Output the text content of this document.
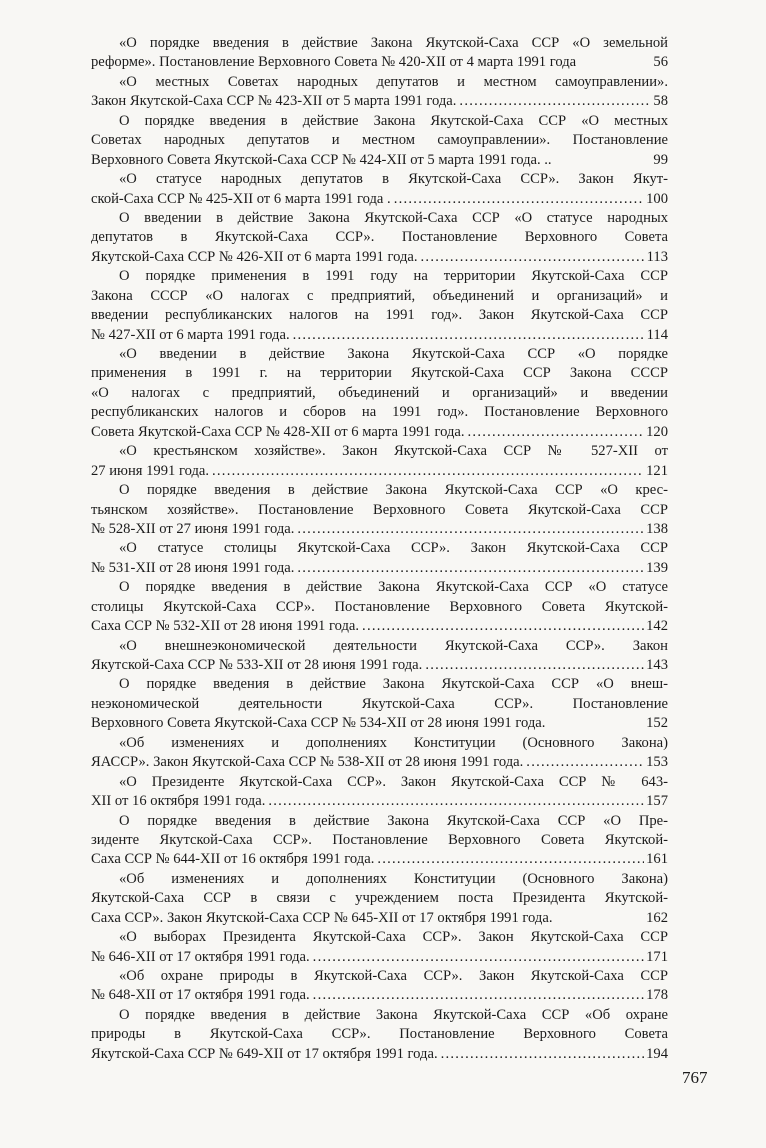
«О порядке введения в действие Закона Якутской-Саха ССР «О земельной
реформе». Постановление Верховного Совета № 420-XII от 4 марта 1991 года	56
«О местных Советах народных депутатов и местном самоуправлении».
Закон Якутской-Саха ССР № 423-XII от 5 марта 1991 года. . . .	58
О порядке введения в действие Закона Якутской-Саха ССР «О местных
Советах народных депутатов и местном самоуправлении». Постановление
Верховного Совета Якутской-Саха ССР № 424-XII от 5 марта 1991 года. ..	99
«О статусе народных депутатов в Якутской-Саха ССР». Закон Якут-
ской-Саха ССР № 425-XII от 6 марта 1991 года . . . .	100
О введении в действие Закона Якутской-Саха ССР «О статусе народных
депутатов в Якутской-Саха ССР». Постановление Верховного Совета
Якутской-Саха ССР № 426-XII от 6 марта 1991 года. . . .	113
О порядке применения в 1991 году на территории Якутской-Саха ССР
Закона СССР «О налогах с предприятий, объединений и организаций» и
введении республиканских налогов на 1991 год». Закон Якутской-Саха ССР
№ 427-XII от 6 марта 1991 года. . . .	114
«О введении в действие Закона Якутской-Саха ССР «О порядке
применения в 1991 г. на территории Якутской-Саха ССР Закона СССР
«О налогах с предприятий, объединений и организаций» и введении
республиканских налогов и сборов на 1991 год». Постановление Верховного
Совета Якутской-Саха ССР № 428-XII от 6 марта 1991 года. . . .	120
«О крестьянском хозяйстве». Закон Якутской-Саха ССР № 527-XII от
27 июня 1991 года. . . .	121
О порядке введения в действие Закона Якутской-Саха ССР «О крес-
тьянском хозяйстве». Постановление Верховного Совета Якутской-Саха ССР
№ 528-XII от 27 июня 1991 года. . . .	138
«О статусе столицы Якутской-Саха ССР». Закон Якутской-Саха ССР
№ 531-XII от 28 июня 1991 года. . . .	139
О порядке введения в действие Закона Якутской-Саха ССР «О статусе
столицы Якутской-Саха ССР». Постановление Верховного Совета Якутской-
Саха ССР № 532-XII от 28 июня 1991 года. . . .	142
«О внешнеэкономической деятельности Якутской-Саха ССР». Закон
Якутской-Саха ССР № 533-XII от 28 июня 1991 года. . . .	143
О порядке введения в действие Закона Якутской-Саха ССР «О внеш-
неэкономической деятельности Якутской-Саха ССР». Постановление
Верховного Совета Якутской-Саха ССР № 534-XII от 28 июня 1991 года.	152
«Об изменениях и дополнениях Конституции (Основного Закона)
ЯАССР». Закон Якутской-Саха ССР № 538-XII от 28 июня 1991 года. . . .	153
«О Президенте Якутской-Саха ССР». Закон Якутской-Саха ССР № 643-
XII от 16 октября 1991 года. . . .	157
О порядке введения в действие Закона Якутской-Саха ССР «О Пре-
зиденте Якутской-Саха ССР». Постановление Верховного Совета Якутской-
Саха ССР № 644-XII от 16 октября 1991 года. . . .	161
«Об изменениях и дополнениях Конституции (Основного Закона)
Якутской-Саха ССР в связи с учреждением поста Президента Якутской-
Саха ССР». Закон Якутской-Саха ССР № 645-XII от 17 октября 1991 года.	162
«О выборах Президента Якутской-Саха ССР». Закон Якутской-Саха ССР
№ 646-XII от 17 октября 1991 года. . . .	171
«Об охране природы в Якутской-Саха ССР». Закон Якутской-Саха ССР
№ 648-XII от 17 октября 1991 года. . . .	178
О порядке введения в действие Закона Якутской-Саха ССР «Об охране
природы в Якутской-Саха ССР». Постановление Верховного Совета
Якутской-Саха ССР № 649-XII от 17 октября 1991 года. . . .	194
767
